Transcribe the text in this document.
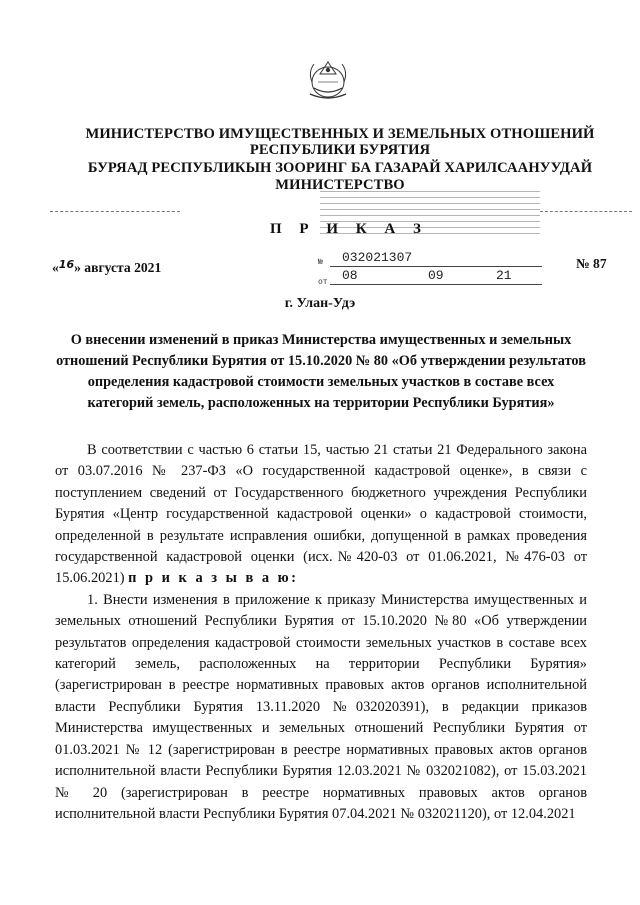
МИНИСТЕРСТВО ИМУЩЕСТВЕННЫХ И ЗЕМЕЛЬНЫХ ОТНОШЕНИЙ
РЕСПУБЛИКИ БУРЯТИЯ
БУРЯАД РЕСПУБЛИКЫН ЗООРИНГ БА ГАЗАРАЙ ХАРИЛСААНУУДАЙ
МИНИСТЕРСТВО
П Р И К А З
«$^{16}$» августа 2021	№ 032021307
от 08	09	21
№ 87
г. Улан-Удэ
О внесении изменений в приказ Министерства имущественных и земельных отношений Республики Бурятия от 15.10.2020 № 80 «Об утверждении результатов определения кадастровой стоимости земельных участков в составе всех категорий земель, расположенных на территории Республики Бурятия»

В соответствии с частью 6 статьи 15, частью 21 статьи 21 Федерального закона от 03.07.2016 № 237-ФЗ «О государственной кадастровой оценке», в связи с поступлением сведений от Государственного бюджетного учреждения Республики Бурятия «Центр государственной кадастровой оценки» о кадастровой стоимости, определенной в результате исправления ошибки, допущенной в рамках проведения государственной кадастровой оценки (исх.№420-03 от 01.06.2021, №476-03 от 15.06.2021) п р и к а з ы в а ю:

1. Внести изменения в приложение к приказу Министерства имущественных и земельных отношений Республики Бурятия от 15.10.2020 №80 «Об утверждении результатов определения кадастровой стоимости земельных участков в составе всех категорий земель, расположенных на территории Республики Бурятия» (зарегистрирован в реестре нормативных правовых актов органов исполнительной власти Республики Бурятия 13.11.2020 №032020391), в редакции приказов Министерства имущественных и земельных отношений Республики Бурятия от 01.03.2021 № 12 (зарегистрирован в реестре нормативных правовых актов органов исполнительной власти Республики Бурятия 12.03.2021 № 032021082), от 15.03.2021 № 20 (зарегистрирован в реестре нормативных правовых актов органов исполнительной власти Республики Бурятия 07.04.2021 № 032021120), от 12.04.2021
